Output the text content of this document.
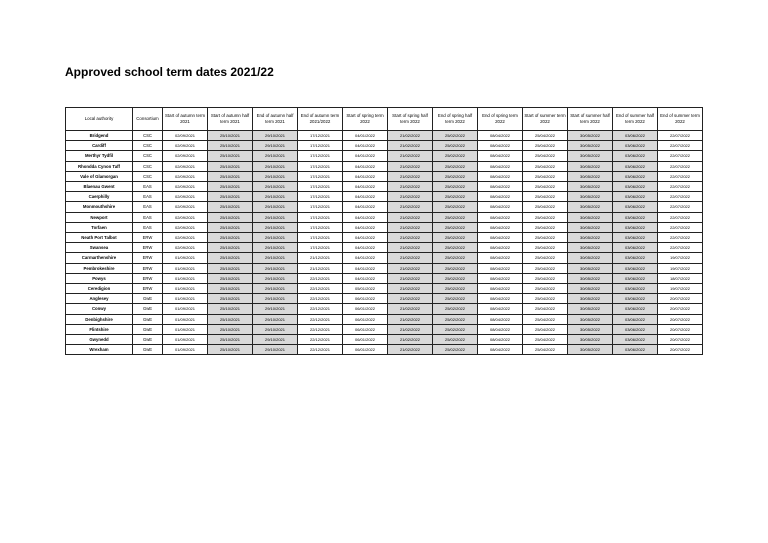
Approved school term dates 2021/22
Local authority	Consortium	Start of autumn term 2021	Start of autumn half term 2021	End of autumn half term 2021	End of autumn term 2021/2022	Start of spring term 2022	Start of spring half term 2022	End of spring half term 2022	End of spring term 2022	Start of summer term 2022	Start of summer half term 2022	End of summer half term 2022	End of summer term 2022
Bridgend	CSC	02/09/2021	25/10/2021	29/10/2021	17/12/2021	04/01/2022	21/02/2022	25/02/2022	08/04/2022	25/04/2022	30/05/2022	03/06/2022	22/07/2022
Cardiff	CSC	02/09/2021	25/10/2021	29/10/2021	17/12/2021	04/01/2022	21/02/2022	25/02/2022	08/04/2022	25/04/2022	30/05/2022	03/06/2022	22/07/2022
Merthyr Tydfil	CSC	02/09/2021	25/10/2021	29/10/2021	17/12/2021	04/01/2022	21/02/2022	25/02/2022	08/04/2022	25/04/2022	30/05/2022	03/06/2022	22/07/2022
Rhondda Cynon Taff	CSC	02/09/2021	25/10/2021	29/10/2021	17/12/2021	04/01/2022	21/02/2022	25/02/2022	08/04/2022	25/04/2022	30/05/2022	03/06/2022	22/07/2022
Vale of Glamorgan	CSC	02/09/2021	25/10/2021	29/10/2021	17/12/2021	04/01/2022	21/02/2022	25/02/2022	08/04/2022	25/04/2022	30/05/2022	03/06/2022	22/07/2022
Blaenau Gwent	EAS	02/09/2021	25/10/2021	29/10/2021	17/12/2021	04/01/2022	21/02/2022	25/02/2022	08/04/2022	25/04/2022	30/05/2022	03/06/2022	22/07/2022
Caerphilly	EAS	02/09/2021	25/10/2021	29/10/2021	17/12/2021	04/01/2022	21/02/2022	25/02/2022	08/04/2022	25/04/2022	30/05/2022	03/06/2022	22/07/2022
Monmouthshire	EAS	02/09/2021	25/10/2021	29/10/2021	17/12/2021	04/01/2022	21/02/2022	25/02/2022	08/04/2022	25/04/2022	30/05/2022	03/06/2022	22/07/2022
Newport	EAS	02/09/2021	25/10/2021	29/10/2021	17/12/2021	04/01/2022	21/02/2022	25/02/2022	08/04/2022	25/04/2022	30/05/2022	03/06/2022	22/07/2022
Torfaen	EAS	02/09/2021	25/10/2021	29/10/2021	17/12/2021	04/01/2022	21/02/2022	25/02/2022	08/04/2022	25/04/2022	30/05/2022	03/06/2022	22/07/2022
Neath Port Talbot	ERW	02/09/2021	25/10/2021	29/10/2021	17/12/2021	04/01/2022	21/02/2022	25/02/2022	08/04/2022	25/04/2022	30/05/2022	03/06/2022	22/07/2022
Swansea	ERW	02/09/2021	25/10/2021	29/10/2021	17/12/2021	04/01/2022	21/02/2022	25/02/2022	08/04/2022	25/04/2022	30/05/2022	03/06/2022	22/07/2022
Carmarthenshire	ERW	01/09/2021	25/10/2021	29/10/2021	21/12/2021	04/01/2022	21/02/2022	25/02/2022	08/04/2022	25/04/2022	30/05/2022	03/06/2022	19/07/2022
Pembrokeshire	ERW	01/09/2021	25/10/2021	29/10/2021	21/12/2021	04/01/2022	21/02/2022	25/02/2022	08/04/2022	25/04/2022	30/05/2022	03/06/2022	19/07/2022
Powys	ERW	01/09/2021	25/10/2021	29/10/2021	22/12/2021	04/01/2022	21/02/2022	25/02/2022	08/04/2022	25/04/2022	30/05/2022	03/06/2022	18/07/2022
Ceredigion	ERW	01/09/2021	25/10/2021	29/10/2021	22/12/2021	05/01/2022	21/02/2022	25/02/2022	08/04/2022	25/04/2022	30/05/2022	03/06/2022	19/07/2022
Anglesey	GwE	01/09/2021	25/10/2021	29/10/2021	22/12/2021	06/01/2022	21/02/2022	25/02/2022	08/04/2022	25/04/2022	30/05/2022	03/06/2022	20/07/2022
Conwy	GwE	01/09/2021	25/10/2021	29/10/2021	22/12/2021	06/01/2022	21/02/2022	25/02/2022	08/04/2022	25/04/2022	30/05/2022	03/06/2022	20/07/2022
Denbighshire	GwE	01/09/2021	25/10/2021	29/10/2021	22/12/2021	06/01/2022	21/02/2022	25/02/2022	08/04/2022	25/04/2022	30/05/2022	03/06/2022	20/07/2022
Flintshire	GwE	01/09/2021	25/10/2021	29/10/2021	22/12/2021	06/01/2022	21/02/2022	25/02/2022	08/04/2022	25/04/2022	30/05/2022	03/06/2022	20/07/2022
Gwynedd	GwE	01/09/2021	25/10/2021	29/10/2021	22/12/2021	06/01/2022	21/02/2022	25/02/2022	08/04/2022	25/04/2022	30/05/2022	03/06/2022	20/07/2022
Wrexham	GwE	01/09/2021	25/10/2021	29/10/2021	22/12/2021	06/01/2022	21/02/2022	25/02/2022	08/04/2022	25/04/2022	30/05/2022	03/06/2022	20/07/2022
